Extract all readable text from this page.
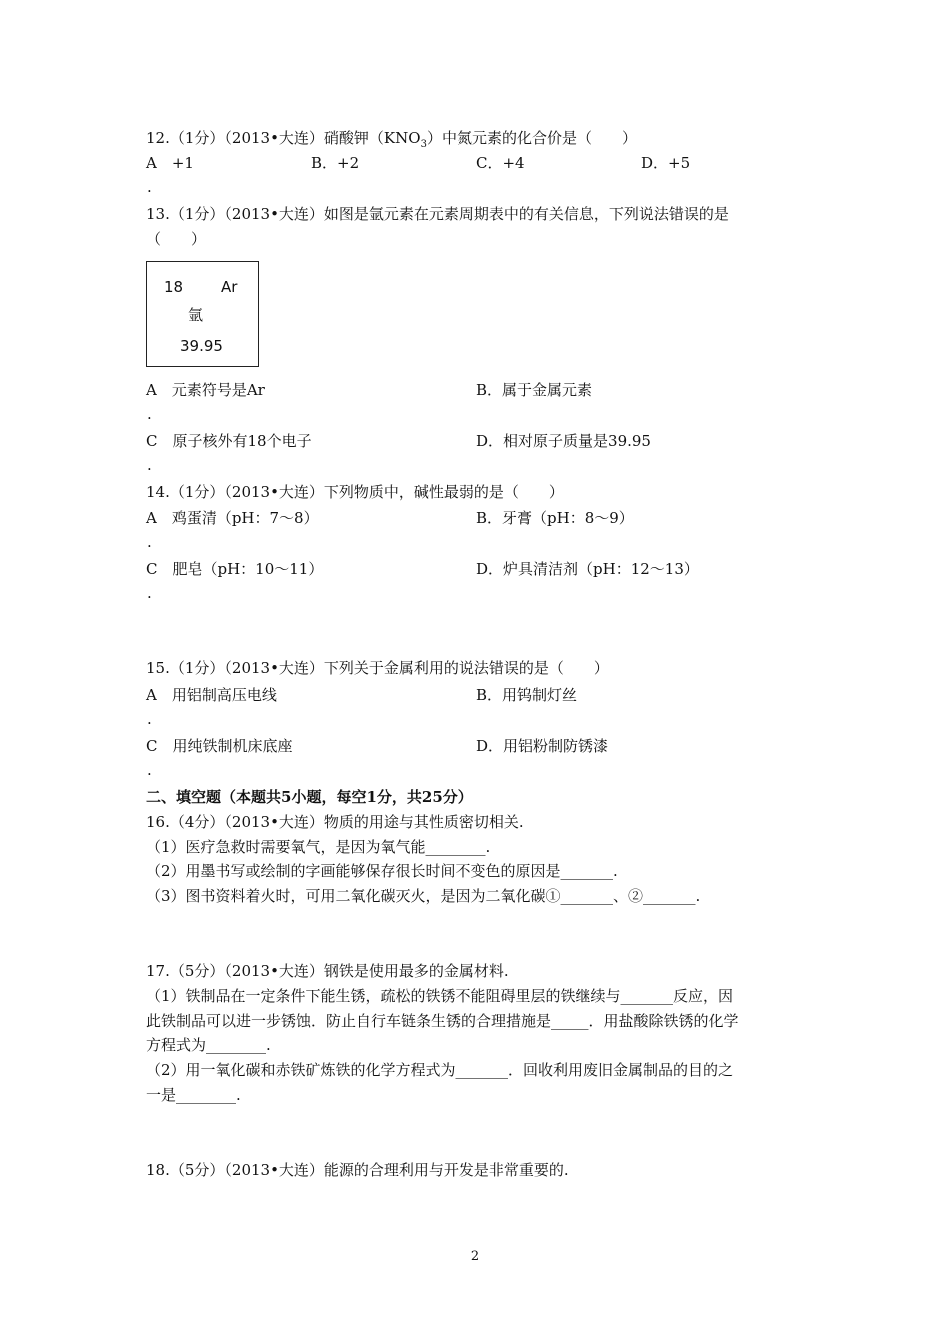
12.（1分）（2013•大连）硝酸钾$(KNO_3)$中氮元素的化合价是（　　）
A　+1	B．+2	C．+4	D．+5
.
13.（1分）（2013•大连）如图是氩元素在元素周期表中的有关信息，下列说法错误的是
（　　）
18	Ar
氩
39.95
A　元素符号是Ar	B．属于金属元素
.
C　原子核外有18个电子	D．相对原子质量是39.95
.
14.（1分）（2013•大连）下列物质中，碱性最弱的是（　　）
A　鸡蛋清（pH：7～8）	B．牙膏（pH：8～9）
.
C　肥皂（pH：10～11）	D．炉具清洁剂（pH：12～13）
.
15.（1分）（2013•大连）下列关于金属利用的说法错误的是（　　）
A　用铝制高压电线	B．用钨制灯丝
.
C　用纯铁制机床底座	D．用铝粉制防锈漆
.
二、填空题（本题共5小题，每空1分，共25分）
16.（4分）（2013•大连）物质的用途与其性质密切相关.
（1）医疗急救时需要氧气，是因为氧气能________.
（2）用墨书写或绘制的字画能够保存很长时间不变色的原因是_______.
（3）图书资料着火时，可用二氧化碳灭火，是因为二氧化碳①_______、②_______.
17.（5分）（2013•大连）钢铁是使用最多的金属材料.
（1）铁制品在一定条件下能生锈，疏松的铁锈不能阻碍里层的铁继续与_______反应，因
此铁制品可以进一步锈蚀．防止自行车链条生锈的合理措施是_____．用盐酸除铁锈的化学
方程式为________.
（2）用一氧化碳和赤铁矿炼铁的化学方程式为_______．回收利用废旧金属制品的目的之
一是________.
18.（5分）（2013•大连）能源的合理利用与开发是非常重要的.
2
